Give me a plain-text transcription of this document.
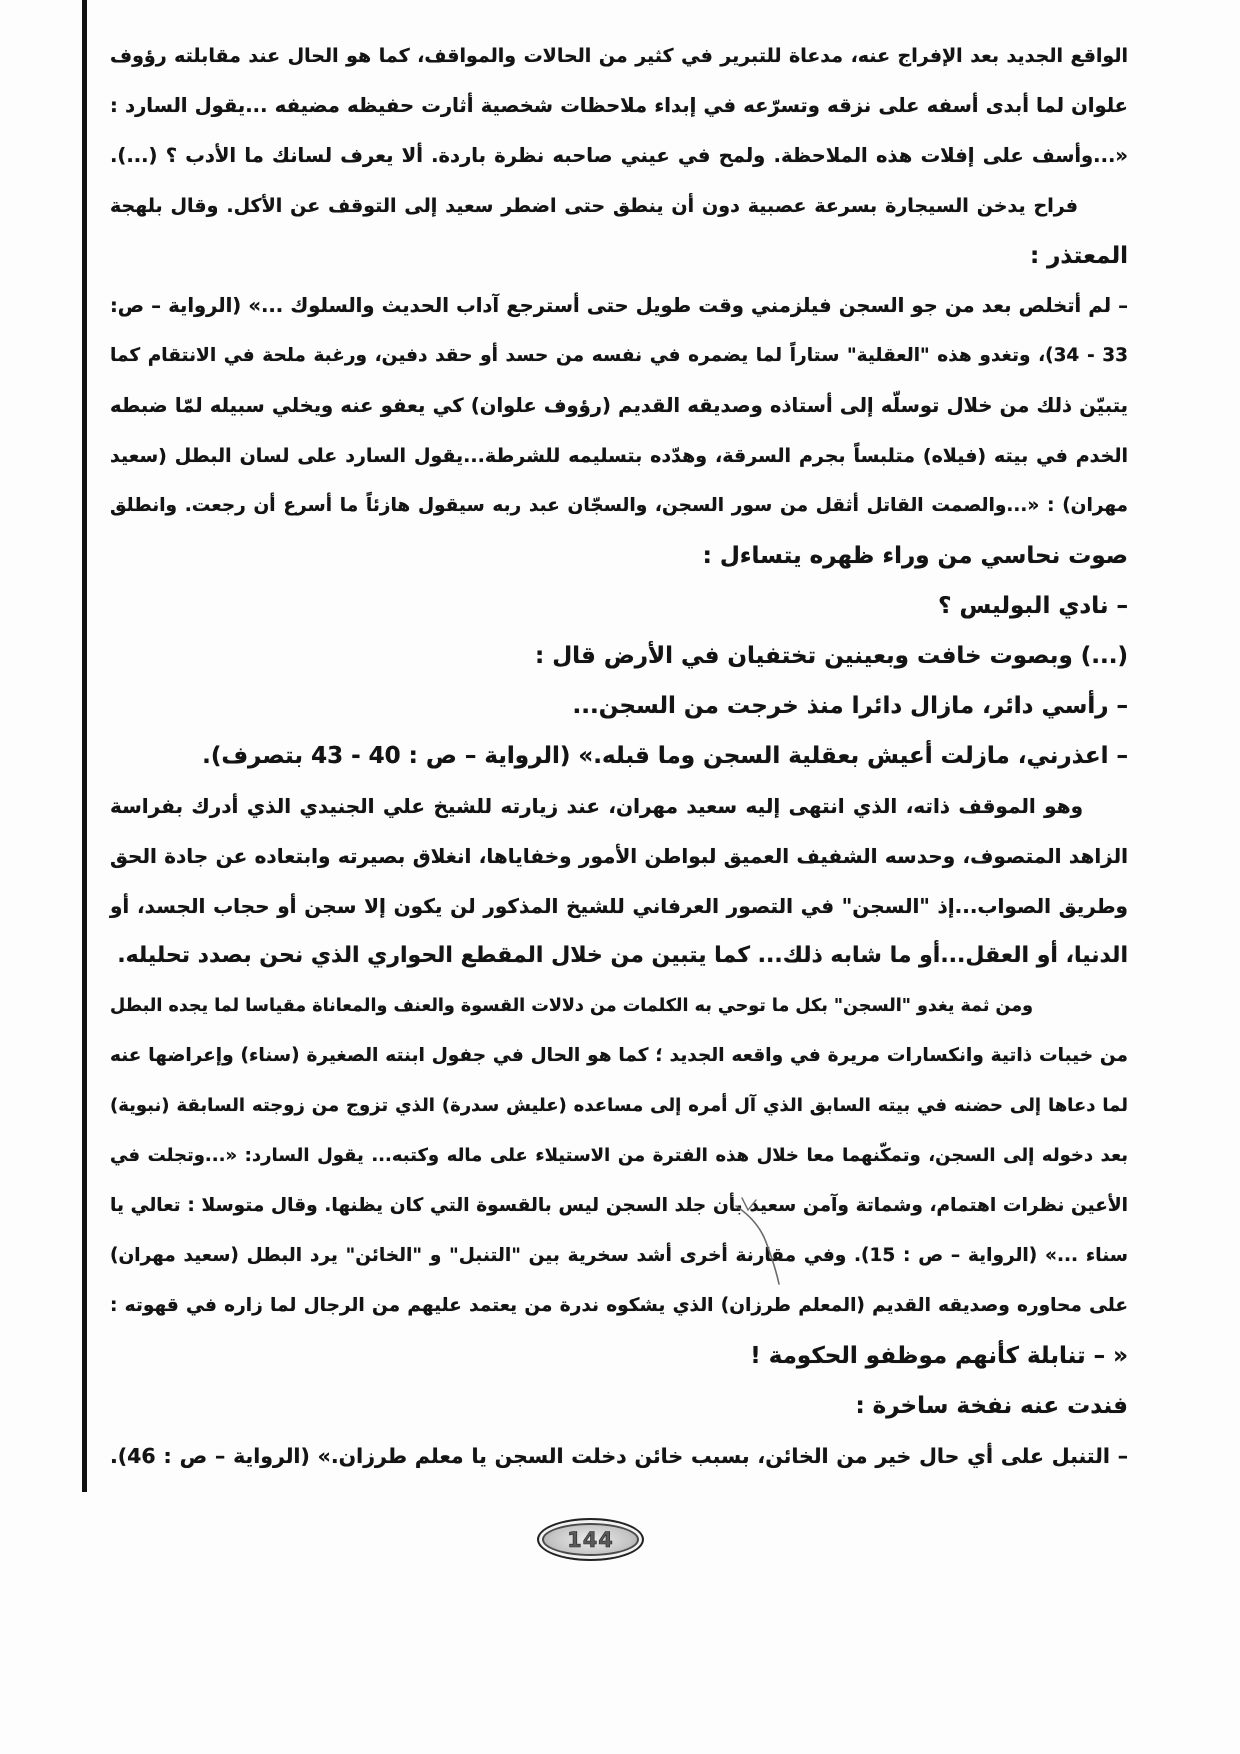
الواقع الجديد بعد الإفراج عنه، مدعاة للتبرير في كثير من الحالات والمواقف، كما هو الحال عند مقابلته رؤوف
علوان لما أبدى أسفه على نزقه وتسرّعه في إبداء ملاحظات شخصية أثارت حفيظه مضيفه ...يقول السارد :
«...وأسف على إفلات هذه الملاحظة. ولمح في عيني صاحبه نظرة باردة. ألا يعرف لسانك ما الأدب ؟ (...).
فراح يدخن السيجارة بسرعة عصبية دون أن ينطق حتى اضطر سعيد إلى التوقف عن الأكل. وقال بلهجة
المعتذر :
– لم أتخلص بعد من جو السجن فيلزمني وقت طويل حتى أسترجع آداب الحديث والسلوك ...» (الرواية – ص:
33 - 34)، وتغدو هذه "العقلية" ستاراً لما يضمره في نفسه من حسد أو حقد دفين، ورغبة ملحة في الانتقام كما
يتبيّن ذلك من خلال توسلّه إلى أستاذه وصديقه القديم (رؤوف علوان) كي يعفو عنه ويخلي سبيله لمّا ضبطه
الخدم في بيته (فيلاه) متلبساً بجرم السرقة، وهدّده بتسليمه للشرطة...يقول السارد على لسان البطل (سعيد
مهران) : «...والصمت القاتل أثقل من سور السجن، والسجّان عبد ربه سيقول هازئاً ما أسرع أن رجعت. وانطلق
صوت نحاسي من وراء ظهره يتساءل :
– نادي البوليس ؟
(...) وبصوت خافت وبعينين تختفيان في الأرض قال :
– رأسي دائر، مازال دائرا منذ خرجت من السجن...
– اعذرني، مازلت أعيش بعقلية السجن وما قبله.» (الرواية – ص : 40 - 43 بتصرف).
وهو الموقف ذاته، الذي انتهى إليه سعيد مهران، عند زيارته للشيخ علي الجنيدي الذي أدرك بفراسة
الزاهد المتصوف، وحدسه الشفيف العميق لبواطن الأمور وخفاياها، انغلاق بصيرته وابتعاده عن جادة الحق
وطريق الصواب...إذ "السجن" في التصور العرفاني للشيخ المذكور لن يكون إلا سجن أو حجاب الجسد، أو
الدنيا، أو العقل...أو ما شابه ذلك... كما يتبين من خلال المقطع الحواري الذي نحن بصدد تحليله.
ومن ثمة يغدو "السجن" بكل ما توحي به الكلمات من دلالات القسوة والعنف والمعاناة مقياسا لما يجده البطل
من خيبات ذاتية وانكسارات مريرة في واقعه الجديد ؛ كما هو الحال في جفول ابنته الصغيرة (سناء) وإعراضها عنه
لما دعاها إلى حضنه في بيته السابق الذي آل أمره إلى مساعده (عليش سدرة) الذي تزوج من زوجته السابقة (نبوية)
بعد دخوله إلى السجن، وتمكّنهما معا خلال هذه الفترة من الاستيلاء على ماله وكتبه... يقول السارد: «...وتجلت في
الأعين نظرات اهتمام، وشماتة وآمن سعيد بأن جلد السجن ليس بالقسوة التي كان يظنها. وقال متوسلا : تعالي يا
سناء ...» (الرواية – ص : 15). وفي مقارنة أخرى أشد سخرية بين "التنبل" و "الخائن" يرد البطل (سعيد مهران)
على محاوره وصديقه القديم (المعلم طرزان) الذي يشكوه ندرة من يعتمد عليهم من الرجال لما زاره في قهوته :
« – تنابلة كأنهم موظفو الحكومة !
فندت عنه نفخة ساخرة :
– التنبل على أي حال خير من الخائن، بسبب خائن دخلت السجن يا معلم طرزان.» (الرواية – ص : 46).
144
